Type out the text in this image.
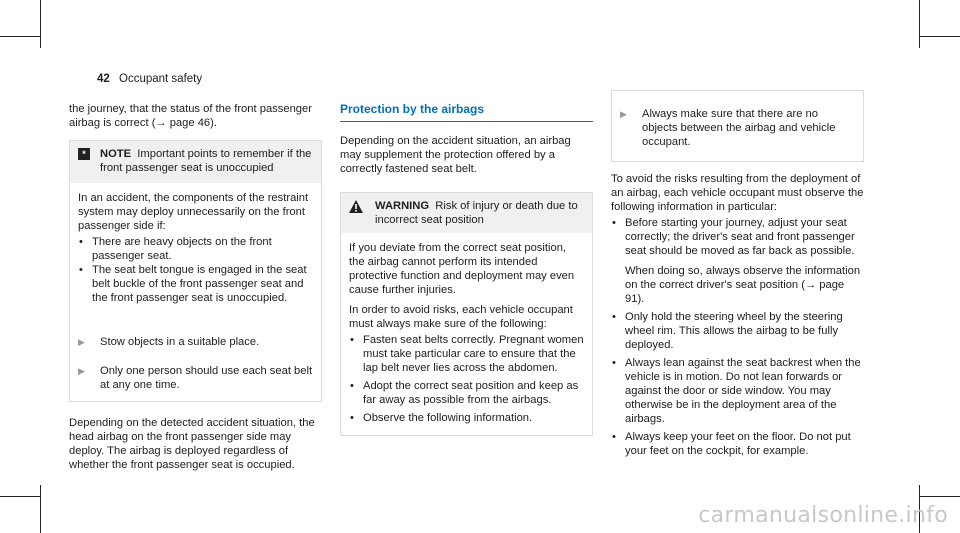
42 Occupant safety

the journey, that the status of the front passenger airbag is correct (→ page 46).

*	NOTE Important points to remember if the front passenger seat is unoccupied

In an accident, the components of the restraint system may deploy unnecessarily on the front passenger side if:

• There are heavy objects on the front passenger seat.
• The seat belt tongue is engaged in the seat belt buckle of the front passenger seat and the front passenger seat is unoccupied.
▶	Stow objects in a suitable place.
▶	Only one person should use each seat belt at any one time.

Depending on the detected accident situation, the head airbag on the front passenger side may deploy. The airbag is deployed regardless of whether the front passenger seat is occupied.

Protection by the airbags

Depending on the accident situation, an airbag may supplement the protection offered by a correctly fastened seat belt.

WARNING Risk of injury or death due to incorrect seat position

If you deviate from the correct seat position, the airbag cannot perform its intended protective function and deployment may even cause further injuries.

In order to avoid risks, each vehicle occupant must always make sure of the following:

• Fasten seat belts correctly. Pregnant women must take particular care to ensure that the lap belt never lies across the abdomen.
• Adopt the correct seat position and keep as far away as possible from the airbags.
• Observe the following information.
▶	Always make sure that there are no objects between the airbag and vehicle occupant.

To avoid the risks resulting from the deployment of an airbag, each vehicle occupant must observe the following information in particular:

• Before starting your journey, adjust your seat correctly; the driver's seat and front passenger seat should be moved as far back as possible.

When doing so, always observe the information on the correct driver's seat position (→ page 91).

• Only hold the steering wheel by the steering wheel rim. This allows the airbag to be fully deployed.
• Always lean against the seat backrest when the vehicle is in motion. Do not lean forwards or against the door or side window. You may otherwise be in the deployment area of the airbags.
• Always keep your feet on the floor. Do not put your feet on the cockpit, for example.
carmanualsonline.info
